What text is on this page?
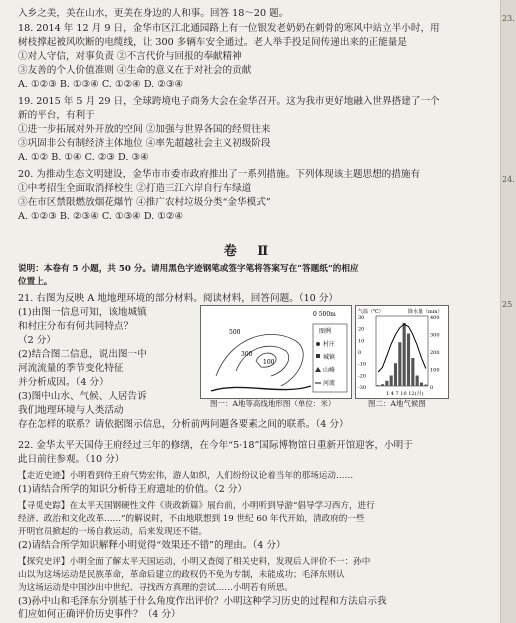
入乡之美，美在山水，更美在身边的人和事。回答 18～20 题。
18. 2014 年 12 月 9 日，金华市区江北通园路上有一位银发老奶奶在刺骨的寒风中站立半小时，用
树枝撑起被风吹断的电缆线，让 300 多辆车安全通过。老人举手投足间传递出来的正能量是
①对人守信，对事负责 ②不言代价与回报的奉献精神
③友善的个人价值准则 ④生命的意义在于对社会的贡献
A. ①②③ B. ①③④ C. ①②④ D. ②③④
19. 2015 年 5 月 29 日，全球跨境电子商务大会在金华召开。这为我市更好地融入世界搭建了一个
新的平台，有利于
①进一步拓展对外开放的空间 ②加强与世界各国的经贸往来
③巩固非公有制经济主体地位 ④率先超越社会主义初级阶段
A. ①② B. ①④ C. ②③ D. ③④
20. 为推动生态文明建设，金华市市委市政府推出了一系列措施。下列体现该主题思想的措施有
①中考招生全面取消择校生 ②打造三江六岸自行车绿道
③在市区禁限燃放烟花爆竹 ④推广农村垃圾分类“金华模式”
A. ①②③ B. ②③④ C. ①③④ D. ①②④
卷 Ⅱ
说明：本卷有 5 小题，共 50 分。请用黑色字迹钢笔或签字笔将答案写在“答题纸”的相应
位置上。
21. 右图为反映 A 地地理环境的部分材料。阅读材料，回答问题。（10 分）
(1)由图一信息可知，该地城镇
和村庄分布有何共同特点？
（2 分）
(2)结合图二信息，说出图一中
河流流量的季节变化特征
并分析成因。（4 分）
(3)图中山水、气候、人居告诉
我们地理环境与人类活动
存在怎样的联系？请依据图示信息，分析前两问题各要素之间的联系。（4 分）
500
300
100
0 500m
图例
村庄
城镇
山峰
河流
图一：A地等高线地形图（单位：米）
气温（℃）	降水量（mm）
1 4 7 10 12(月)
30
20
10
0
-10
-20
-30
400
300
200
100
0
图二：A地气候图
22. 金华太平天国侍王府经过三年的修缮，在今年“5·18”国际博物馆日重新开馆迎客，小明于
此日前往参观。（10 分）
【走近史迹】小明看到侍王府气势宏伟，游人如织，人们纷纷议论着当年的那场运动……
(1)请结合所学的知识分析侍王府遗址的价值。（2 分）
【寻觅史踪】在太平天国钢硬性文件《贵政新篇》展台前，小明听到导游“倡导学习西方，进行
经济、政治和文化改革……”的解说时，不由地联想到 19 世纪 60 年代开始，清政府的一些
开明官员掀起的一场自救运动，后来发现还不错。
(2)请结合所学知识解释小明觉得“效果还不错”的理由。（4 分）
【探究史评】小明全面了解太平天国运动，小明又查阅了相关史料，发现后人评价不一：孙中
山以为这场运动是民族革命，革命后建立的政权仍不免为专制，未能成功；毛泽东则认
为这场运动是中国沙出中世纪、寻找西方真理的尝试……小明若有所思。
(3)孙中山和毛泽东分别基于什么角度作出评价？小明这种学习历史的过程和方法启示我
们应如何正确评价历史事件？（4 分）
23.
24.
25
